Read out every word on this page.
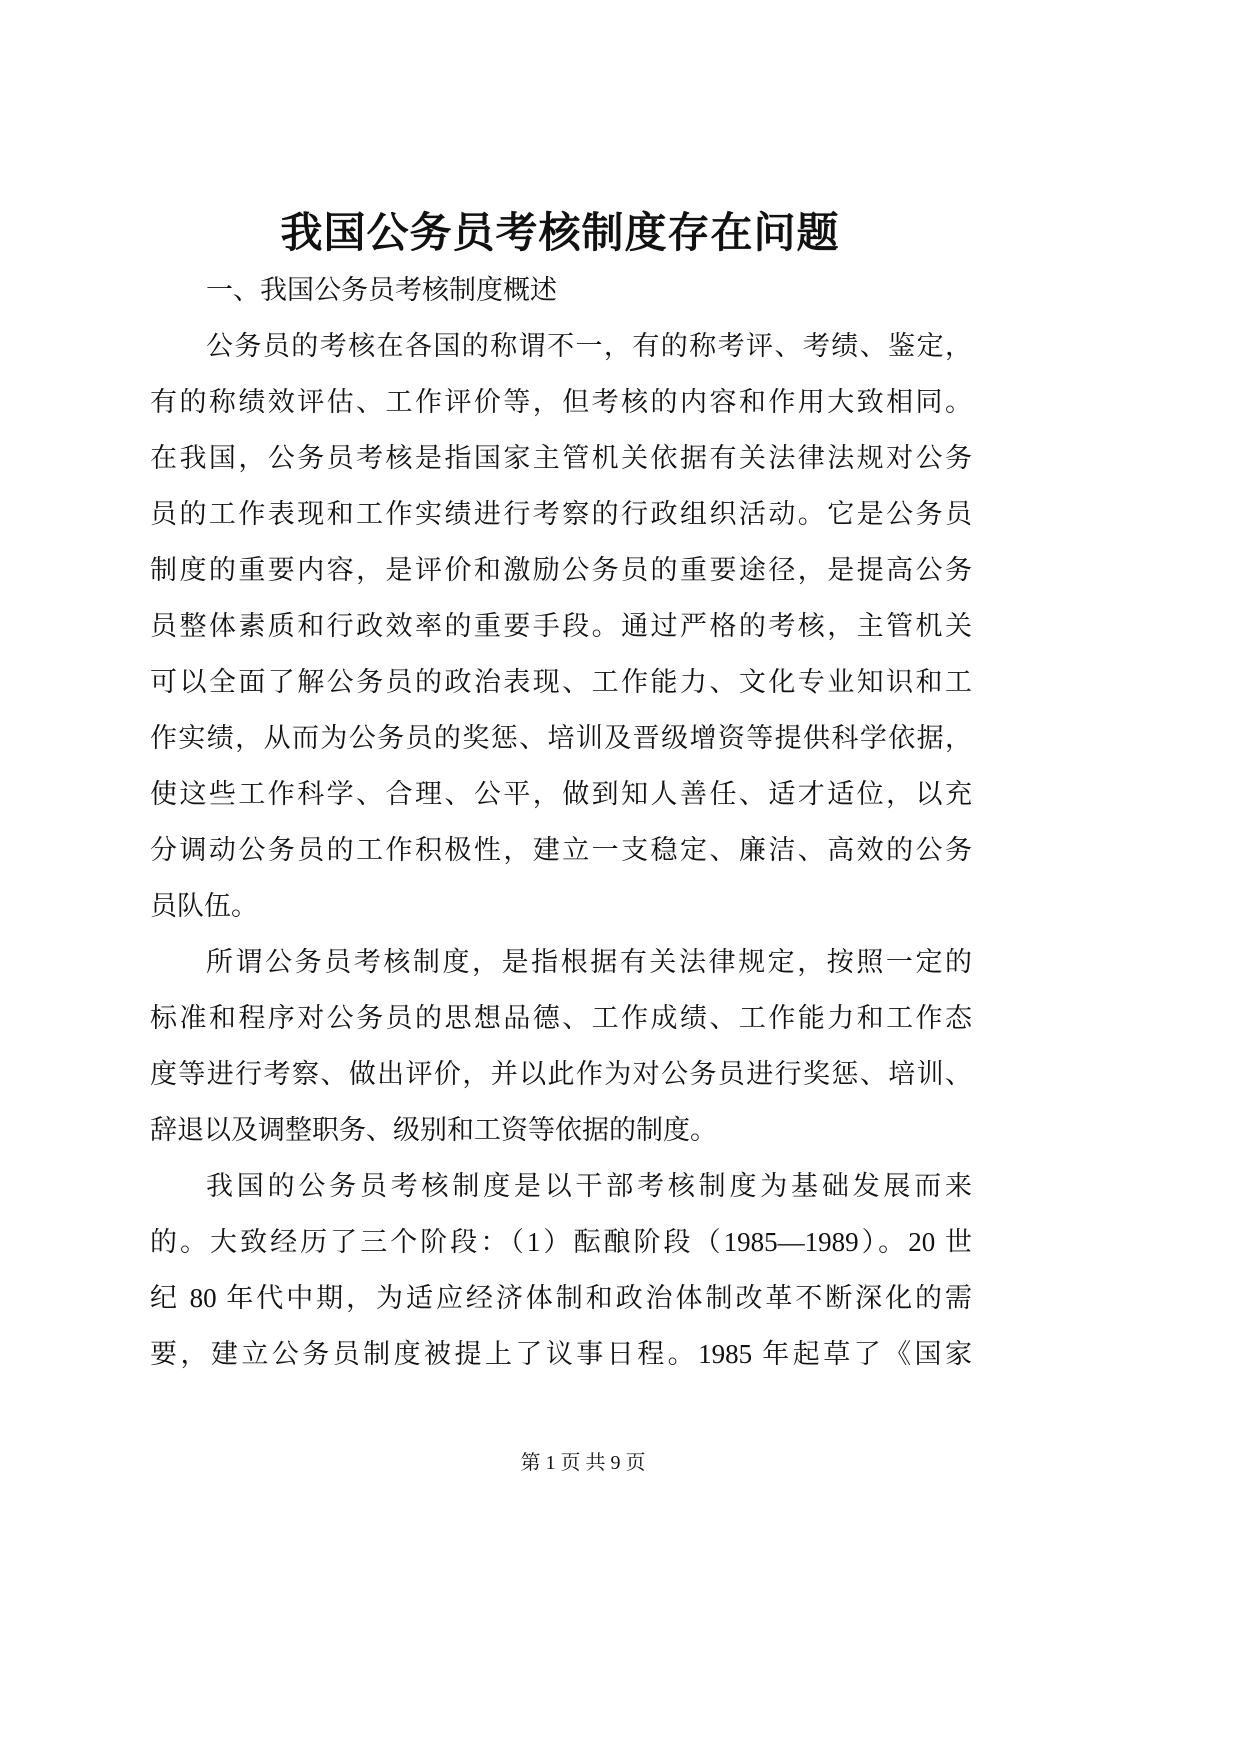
我国公务员考核制度存在问题
一、我国公务员考核制度概述
公务员的考核在各国的称谓不一，有的称考评、考绩、鉴定，
有的称绩效评估、工作评价等，但考核的内容和作用大致相同。
在我国，公务员考核是指国家主管机关依据有关法律法规对公务
员的工作表现和工作实绩进行考察的行政组织活动。它是公务员
制度的重要内容，是评价和激励公务员的重要途径，是提高公务
员整体素质和行政效率的重要手段。通过严格的考核，主管机关
可以全面了解公务员的政治表现、工作能力、文化专业知识和工
作实绩，从而为公务员的奖惩、培训及晋级增资等提供科学依据，
使这些工作科学、合理、公平，做到知人善任、适才适位，以充
分调动公务员的工作积极性，建立一支稳定、廉洁、高效的公务
员队伍。
所谓公务员考核制度，是指根据有关法律规定，按照一定的
标准和程序对公务员的思想品德、工作成绩、工作能力和工作态
度等进行考察、做出评价，并以此作为对公务员进行奖惩、培训、
辞退以及调整职务、级别和工资等依据的制度。
我国的公务员考核制度是以干部考核制度为基础发展而来
的。大致经历了三个阶段：（1）酝酿阶段（1985—1989）。20 世
纪 80 年代中期，为适应经济体制和政治体制改革不断深化的需
要，建立公务员制度被提上了议事日程。1985 年起草了《国家
第 1 页 共 9 页
